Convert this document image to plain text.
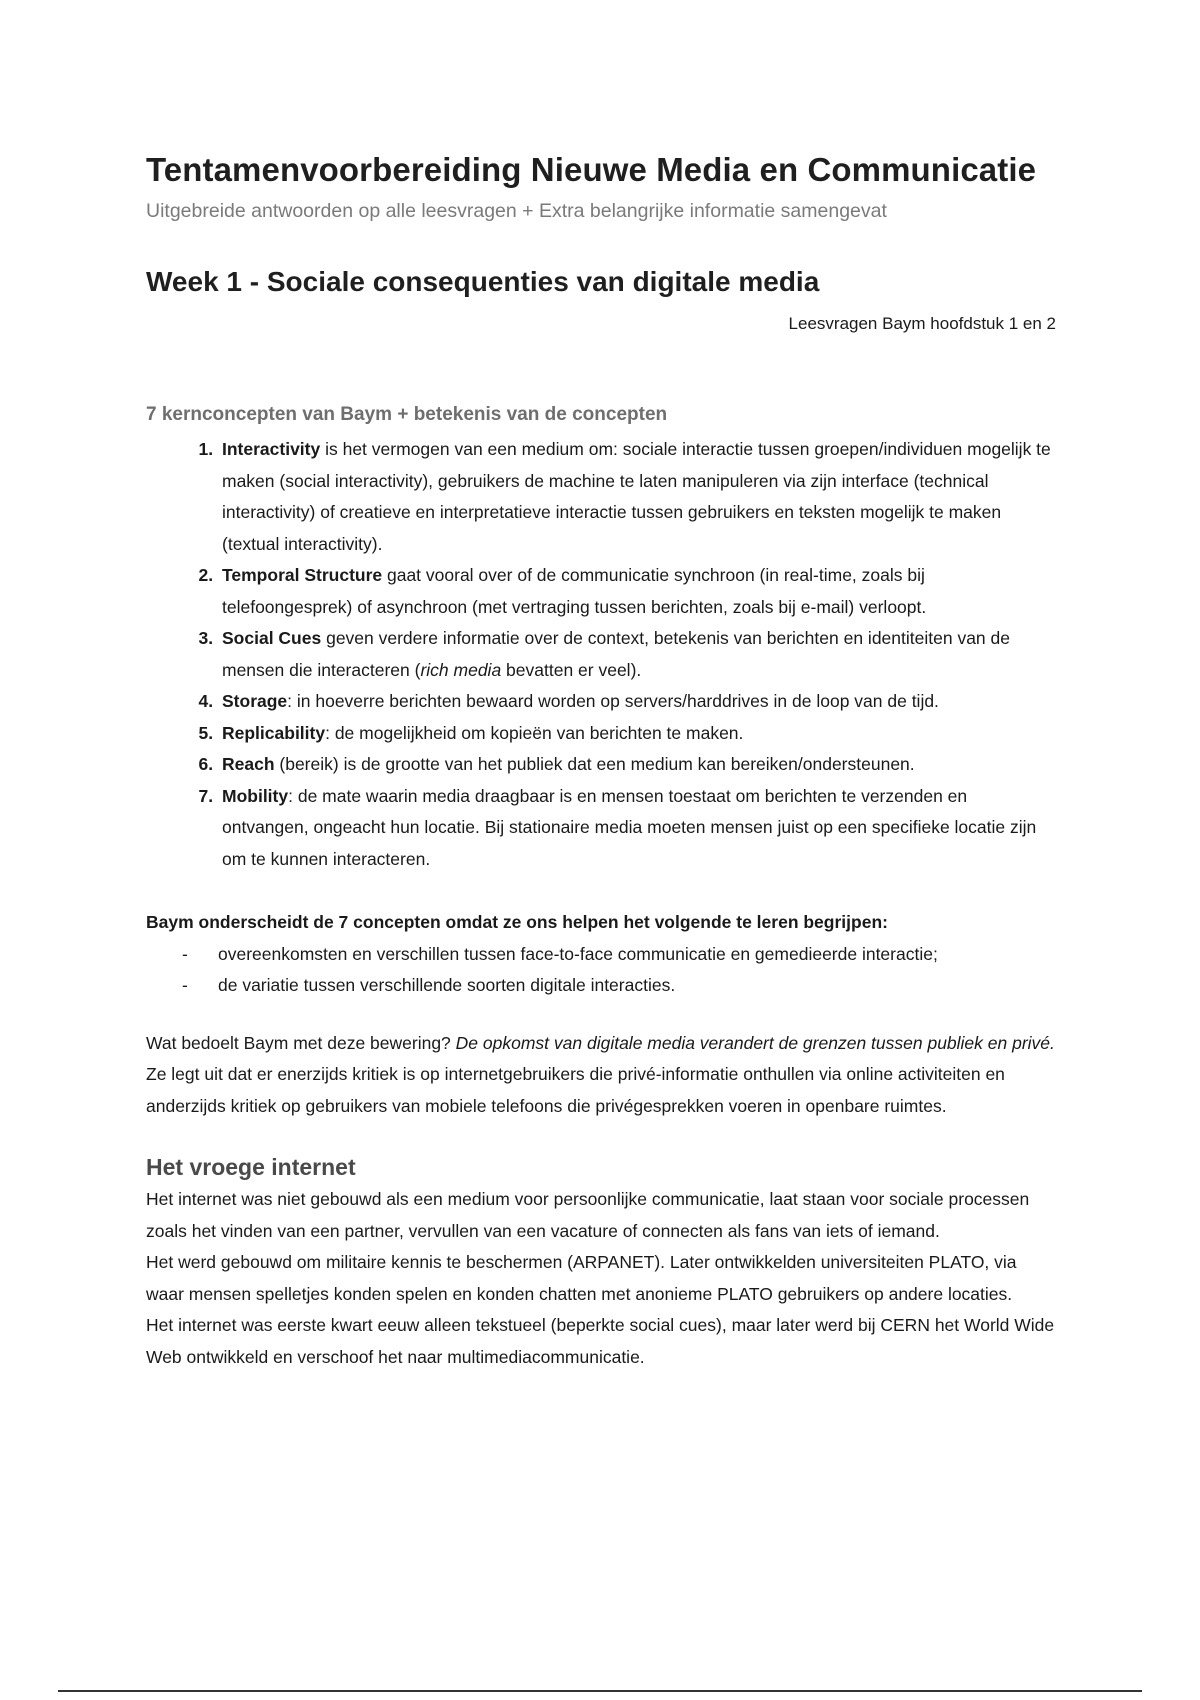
Tentamenvoorbereiding Nieuwe Media en Communicatie

Uitgebreide antwoorden op alle leesvragen + Extra belangrijke informatie samengevat

Week 1 - Sociale consequenties van digitale media

Leesvragen Baym hoofdstuk 1 en 2

7 kernconcepten van Baym + betekenis van de concepten
1. Interactivity is het vermogen van een medium om: sociale interactie tussen groepen/individuen mogelijk te maken (social interactivity), gebruikers de machine te laten manipuleren via zijn interface (technical interactivity) of creatieve en interpretatieve interactie tussen gebruikers en teksten mogelijk te maken (textual interactivity).
2. Temporal Structure gaat vooral over of de communicatie synchroon (in real-time, zoals bij telefoongesprek) of asynchroon (met vertraging tussen berichten, zoals bij e-mail) verloopt.
3. Social Cues geven verdere informatie over de context, betekenis van berichten en identiteiten van de mensen die interacteren (rich media bevatten er veel).
4. Storage: in hoeverre berichten bewaard worden op servers/harddrives in de loop van de tijd.
5. Replicability: de mogelijkheid om kopieën van berichten te maken.
6. Reach (bereik) is de grootte van het publiek dat een medium kan bereiken/ondersteunen.
7. Mobility: de mate waarin media draagbaar is en mensen toestaat om berichten te verzenden en ontvangen, ongeacht hun locatie. Bij stationaire media moeten mensen juist op een specifieke locatie zijn om te kunnen interacteren.

Baym onderscheidt de 7 concepten omdat ze ons helpen het volgende te leren begrijpen:

- overeenkomsten en verschillen tussen face-to-face communicatie en gemedieerde interactie;
- de variatie tussen verschillende soorten digitale interacties.

Wat bedoelt Baym met deze bewering? De opkomst van digitale media verandert de grenzen tussen publiek en privé. Ze legt uit dat er enerzijds kritiek is op internetgebruikers die privé-informatie onthullen via online activiteiten en anderzijds kritiek op gebruikers van mobiele telefoons die privégesprekken voeren in openbare ruimtes.

Het vroege internet

Het internet was niet gebouwd als een medium voor persoonlijke communicatie, laat staan voor sociale processen zoals het vinden van een partner, vervullen van een vacature of connecten als fans van iets of iemand.

Het werd gebouwd om militaire kennis te beschermen (ARPANET). Later ontwikkelden universiteiten PLATO, via waar mensen spelletjes konden spelen en konden chatten met anonieme PLATO gebruikers op andere locaties.

Het internet was eerste kwart eeuw alleen tekstueel (beperkte social cues), maar later werd bij CERN het World Wide Web ontwikkeld en verschoof het naar multimediacommunicatie.
